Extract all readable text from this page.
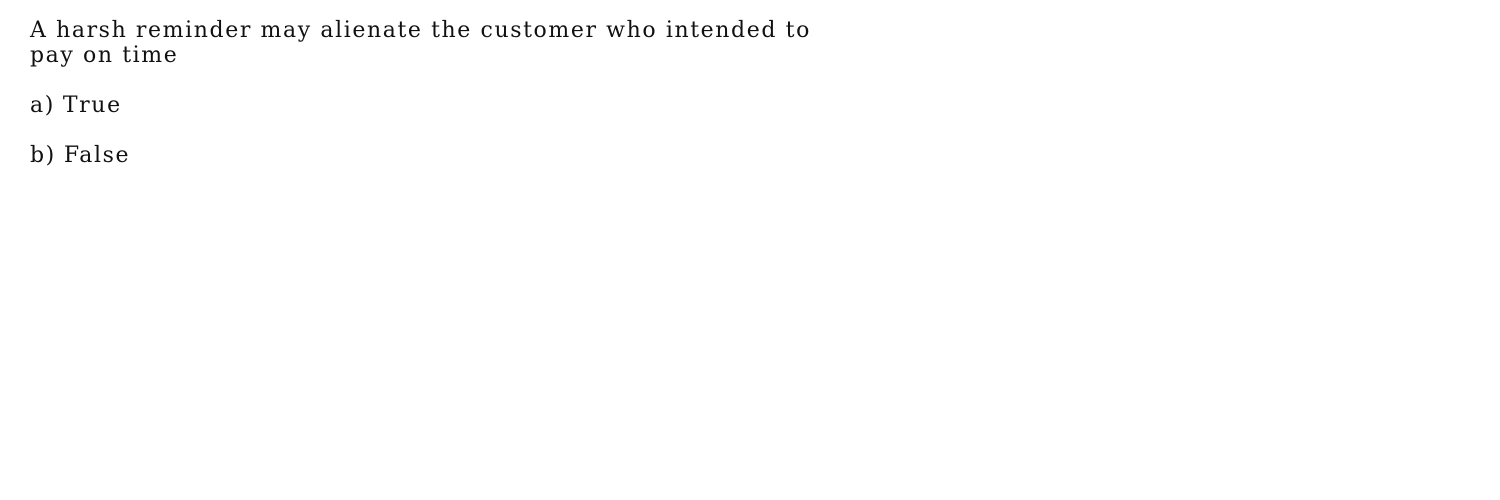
A harsh reminder may alienate the customer who intended to
pay on time

a) True
b) False
